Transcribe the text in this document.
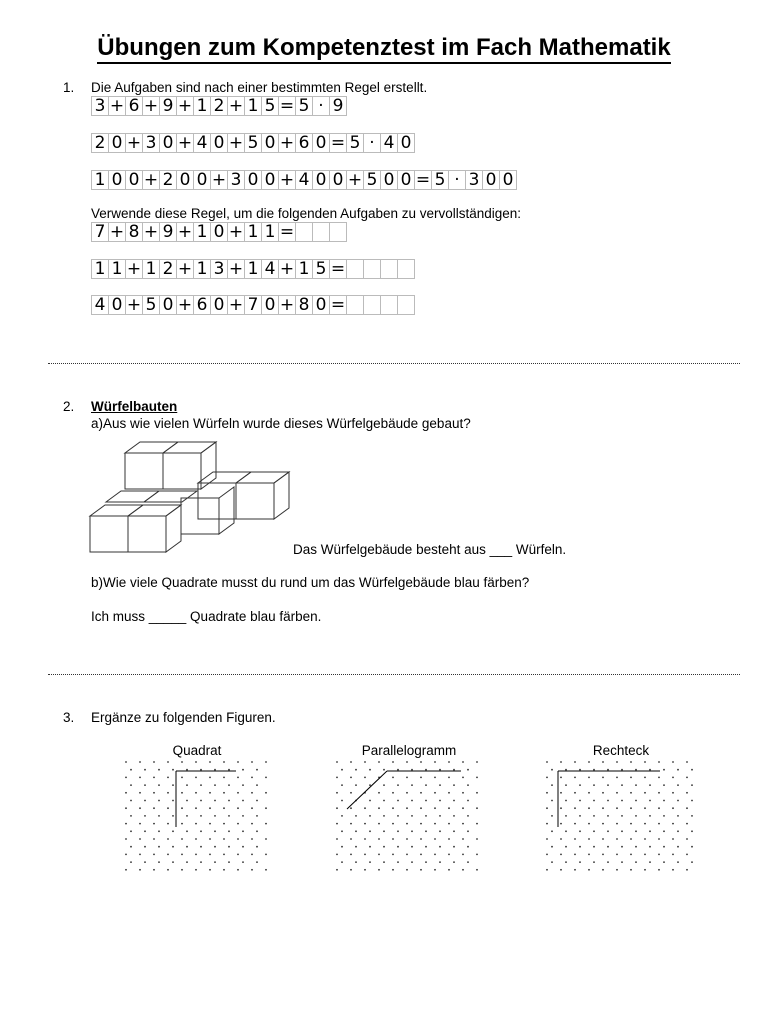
Übungen zum Kompetenztest im Fach Mathematik
1. Die Aufgaben sind nach einer bestimmten Regel erstellt.
3 + 6 + 9 + 1 2 + 1 5 = 5 · 9
2 0 + 3 0 + 4 0 + 5 0 + 6 0 = 5 · 4 0
1 0 0 + 2 0 0 + 3 0 0 + 4 0 0 + 5 0 0 = 5 · 3 0 0
Verwende diese Regel, um die folgenden Aufgaben zu vervollständigen:
7 + 8 + 9 + 1 0 + 1 1 =
1 1 + 1 2 + 1 3 + 1 4 + 1 5 =
4 0 + 5 0 + 6 0 + 7 0 + 8 0 =
2. Würfelbauten
a)Aus wie vielen Würfeln wurde dieses Würfelgebäude gebaut?
Das Würfelgebäude besteht aus ___ Würfeln.
b)Wie viele Quadrate musst du rund um das Würfelgebäude blau färben?
Ich muss _____ Quadrate blau färben.
3. Ergänze zu folgenden Figuren.
Quadrat	Parallelogramm	Rechteck
